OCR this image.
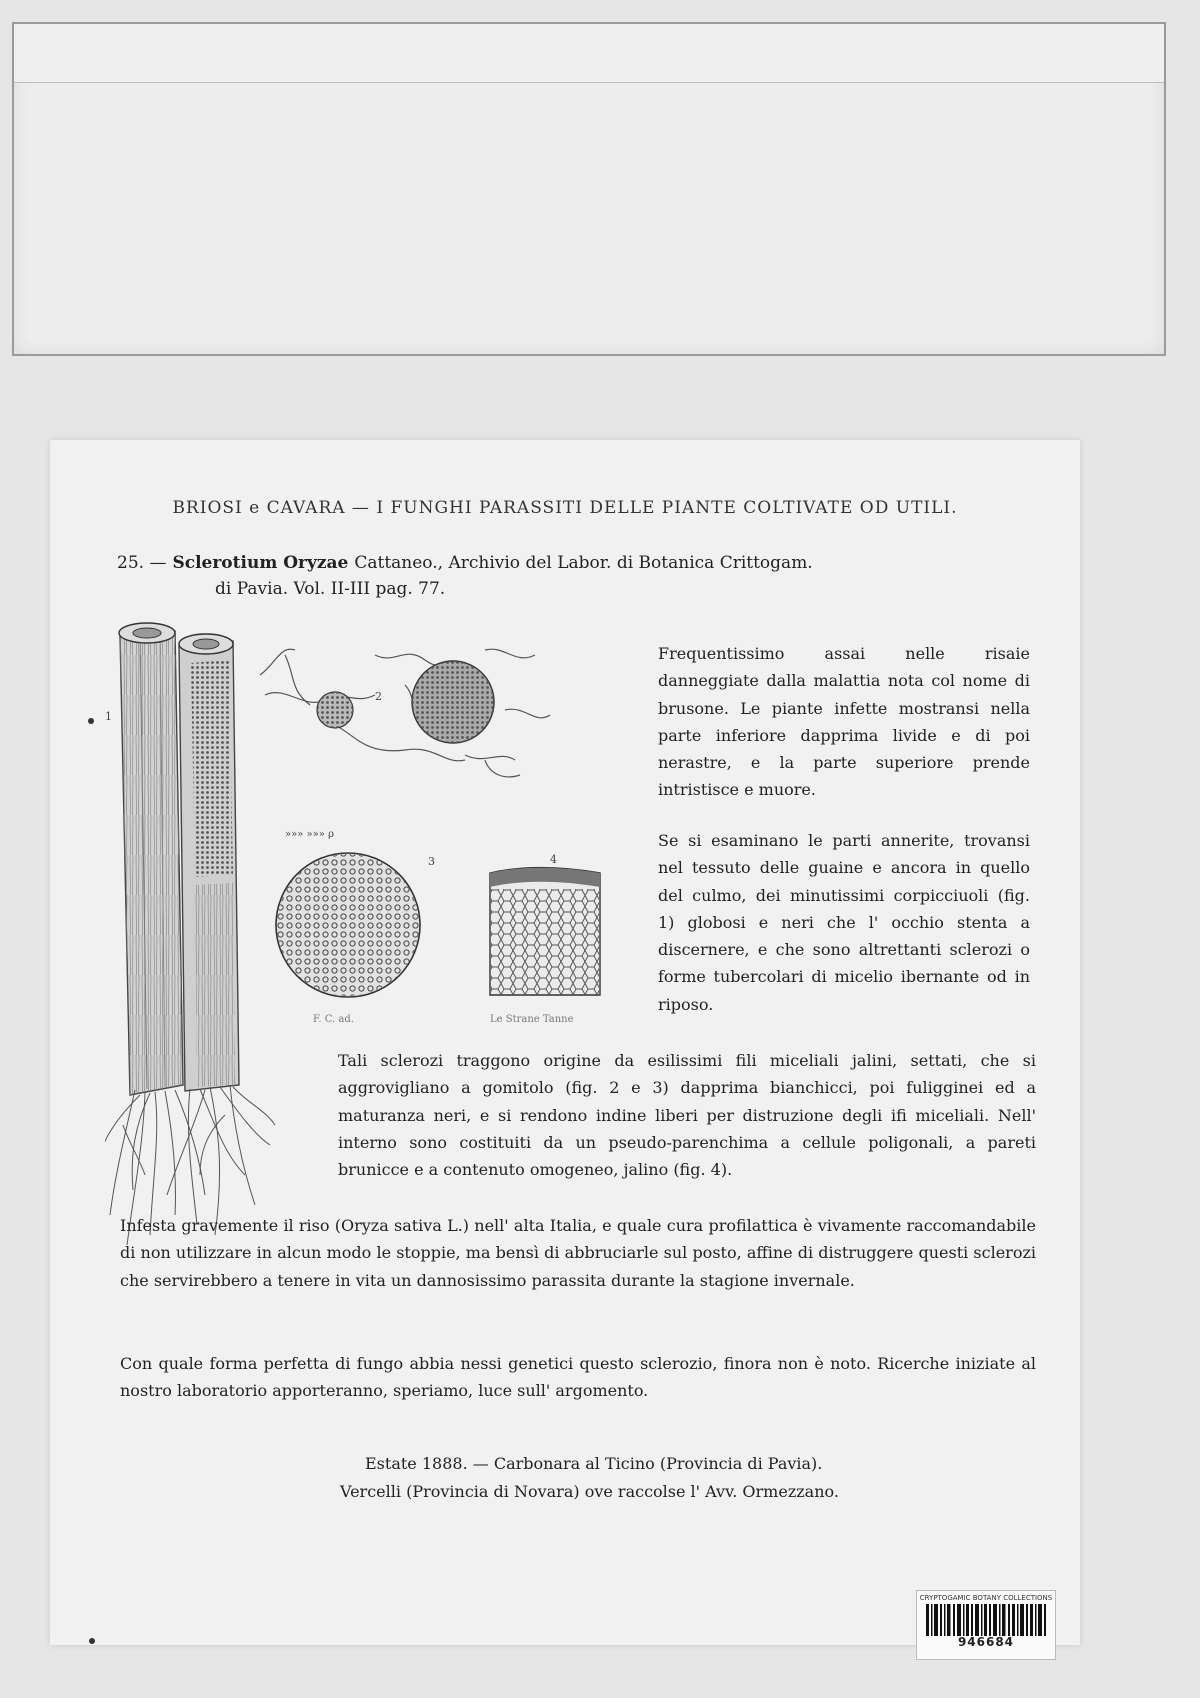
BRIOSI e CAVARA — I FUNGHI PARASSITI DELLE PIANTE COLTIVATE OD UTILI.
25. — Sclerotium Oryzae Cattaneo., Archivio del Labor. di Botanica Crittogam.
di Pavia. Vol. II-III pag. 77.
2
»»» »»» ρ
3	4
F. C. ad.	Le Strane Tanne
1

Frequentissimo assai nelle risaie danneggiate dalla malattia nota col nome di brusone. Le piante infette mostransi nella parte inferiore dapprima livide e di poi nerastre, e la parte superiore prende intristisce e muore.

Se si esaminano le parti annerite, trovansi nel tessuto delle guaine e ancora in quello del culmo, dei minutissimi corpicciuoli (fig. 1) globosi e neri che l' occhio stenta a discernere, e che sono altrettanti sclerozi o forme tubercolari di micelio ibernante od in riposo.

Tali sclerozi traggono origine da esilissimi fili miceliali jalini, settati, che si aggrovigliano a gomitolo (fig. 2 e 3) dapprima bianchicci, poi fuligginei ed a maturanza neri, e si rendono indine liberi per distruzione degli ifi miceliali. Nell' interno sono costituiti da un pseudo-parenchima a cellule poligonali, a pareti brunicce e a contenuto omogeneo, jalino (fig. 4).

Infesta gravemente il riso (Oryza sativa L.) nell' alta Italia, e quale cura profilattica è vivamente raccomandabile di non utilizzare in alcun modo le stoppie, ma bensì di abbruciarle sul posto, affine di distruggere questi sclerozi che servirebbero a tenere in vita un dannosissimo parassita durante la stagione invernale.

Con quale forma perfetta di fungo abbia nessi genetici questo sclerozio, finora non è noto. Ricerche iniziate al nostro laboratorio apporteranno, speriamo, luce sull' argomento.

Estate 1888. — Carbonara al Ticino (Provincia di Pavia).
Vercelli (Provincia di Novara) ove raccolse l' Avv. Ormezzano.
CRYPTOGAMIC BOTANY COLLECTIONS
946684
